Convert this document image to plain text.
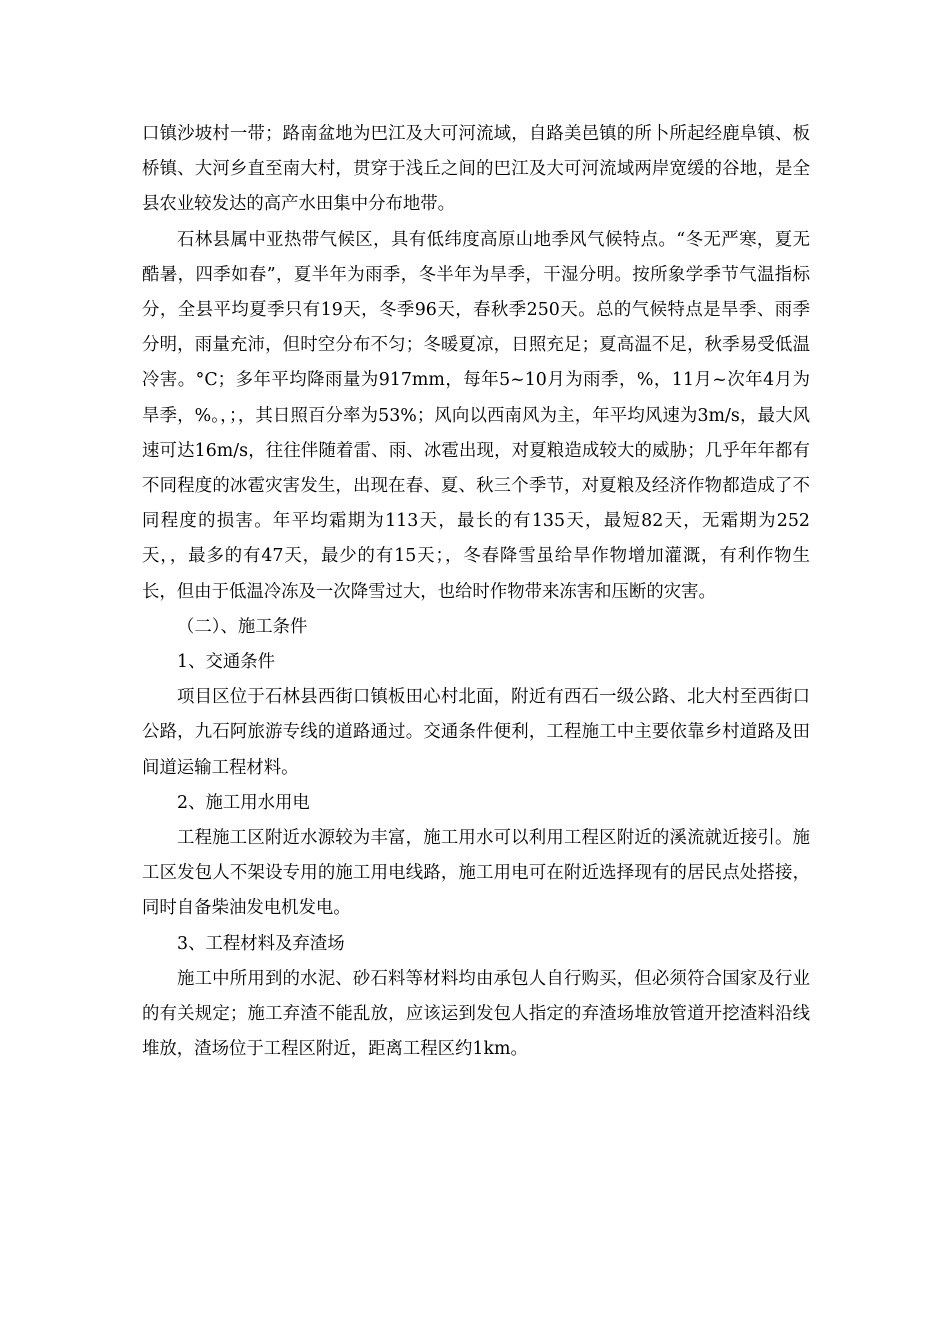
口镇沙坡村一带；路南盆地为巴江及大可河流域，自路美邑镇的所卜所起经鹿阜镇、板桥镇、大河乡直至南大村，贯穿于浅丘之间的巴江及大可河流域两岸宽缓的谷地，是全县农业较发达的高产水田集中分布地带。

石林县属中亚热带气候区，具有低纬度高原山地季风气候特点。“冬无严寒，夏无酷暑，四季如春”，夏半年为雨季，冬半年为旱季，干湿分明。按所象学季节气温指标分，全县平均夏季只有19天，冬季96天，春秋季250天。总的气候特点是旱季、雨季分明，雨量充沛，但时空分布不匀；冬暖夏凉，日照充足；夏高温不足，秋季易受低温冷害。°C；多年平均降雨量为917mm，每年5~10月为雨季，%，11月~次年4月为旱季，%。，；，其日照百分率为53%；风向以西南风为主，年平均风速为3m/s，最大风速可达16m/s，往往伴随着雷、雨、冰雹出现，对夏粮造成较大的威胁；几乎年年都有不同程度的冰雹灾害发生，出现在春、夏、秋三个季节，对夏粮及经济作物都造成了不同程度的损害。年平均霜期为113天，最长的有135天，最短82天，无霜期为252天，，最多的有47天，最少的有15天；，冬春降雪虽给旱作物增加灌溉，有利作物生长，但由于低温冷冻及一次降雪过大，也给时作物带来冻害和压断的灾害。

（二）、施工条件

1、交通条件

项目区位于石林县西街口镇板田心村北面，附近有西石一级公路、北大村至西街口公路，九石阿旅游专线的道路通过。交通条件便利，工程施工中主要依靠乡村道路及田间道运输工程材料。

2、施工用水用电

工程施工区附近水源较为丰富，施工用水可以利用工程区附近的溪流就近接引。施工区发包人不架设专用的施工用电线路，施工用电可在附近选择现有的居民点处搭接，同时自备柴油发电机发电。

3、工程材料及弃渣场

施工中所用到的水泥、砂石料等材料均由承包人自行购买，但必须符合国家及行业的有关规定；施工弃渣不能乱放，应该运到发包人指定的弃渣场堆放管道开挖渣料沿线堆放，渣场位于工程区附近，距离工程区约1km。
